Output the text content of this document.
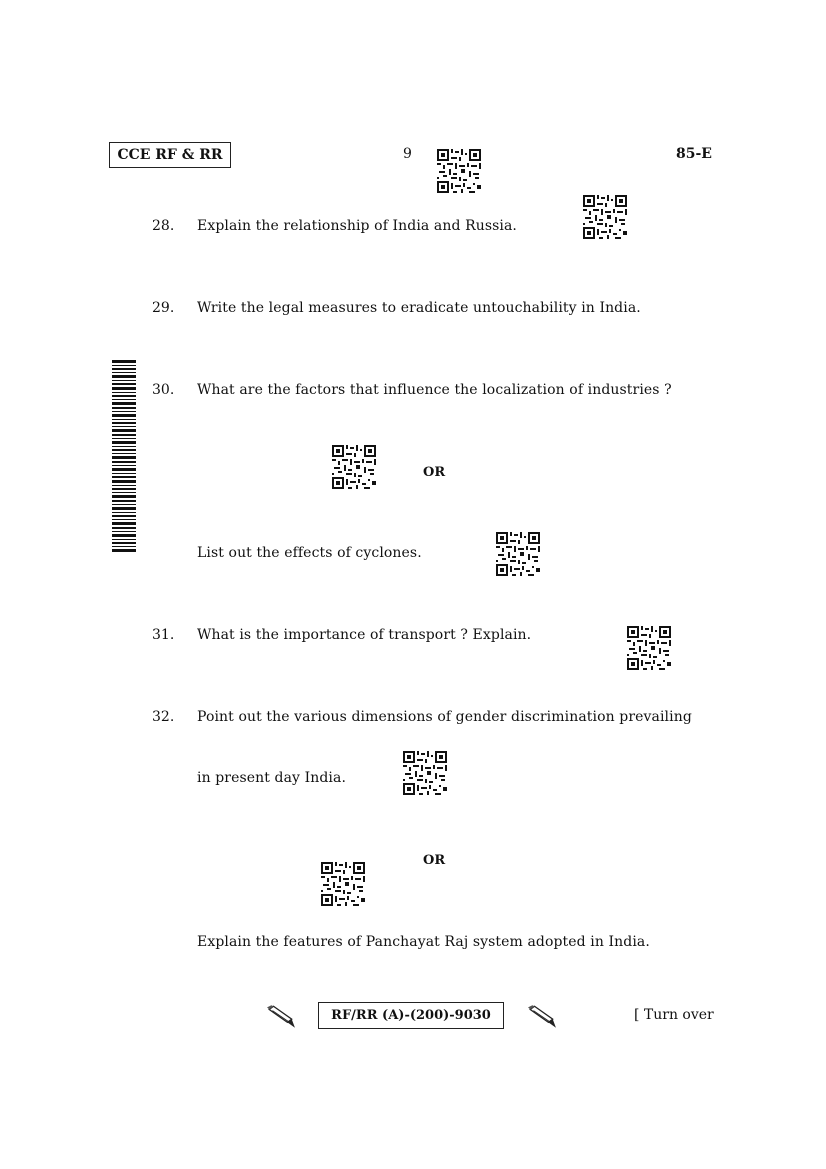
CCE RF & RR	9	85-E
28. Explain the relationship of India and Russia.
29. Write the legal measures to eradicate untouchability in India.
30. What are the factors that influence the localization of industries ?
OR
List out the effects of cyclones.
31. What is the importance of transport ? Explain.
32. Point out the various dimensions of gender discrimination prevailing
in present day India.
OR
Explain the features of Panchayat Raj system adopted in India.
RF/RR (A)-(200)-9030	[ Turn over
